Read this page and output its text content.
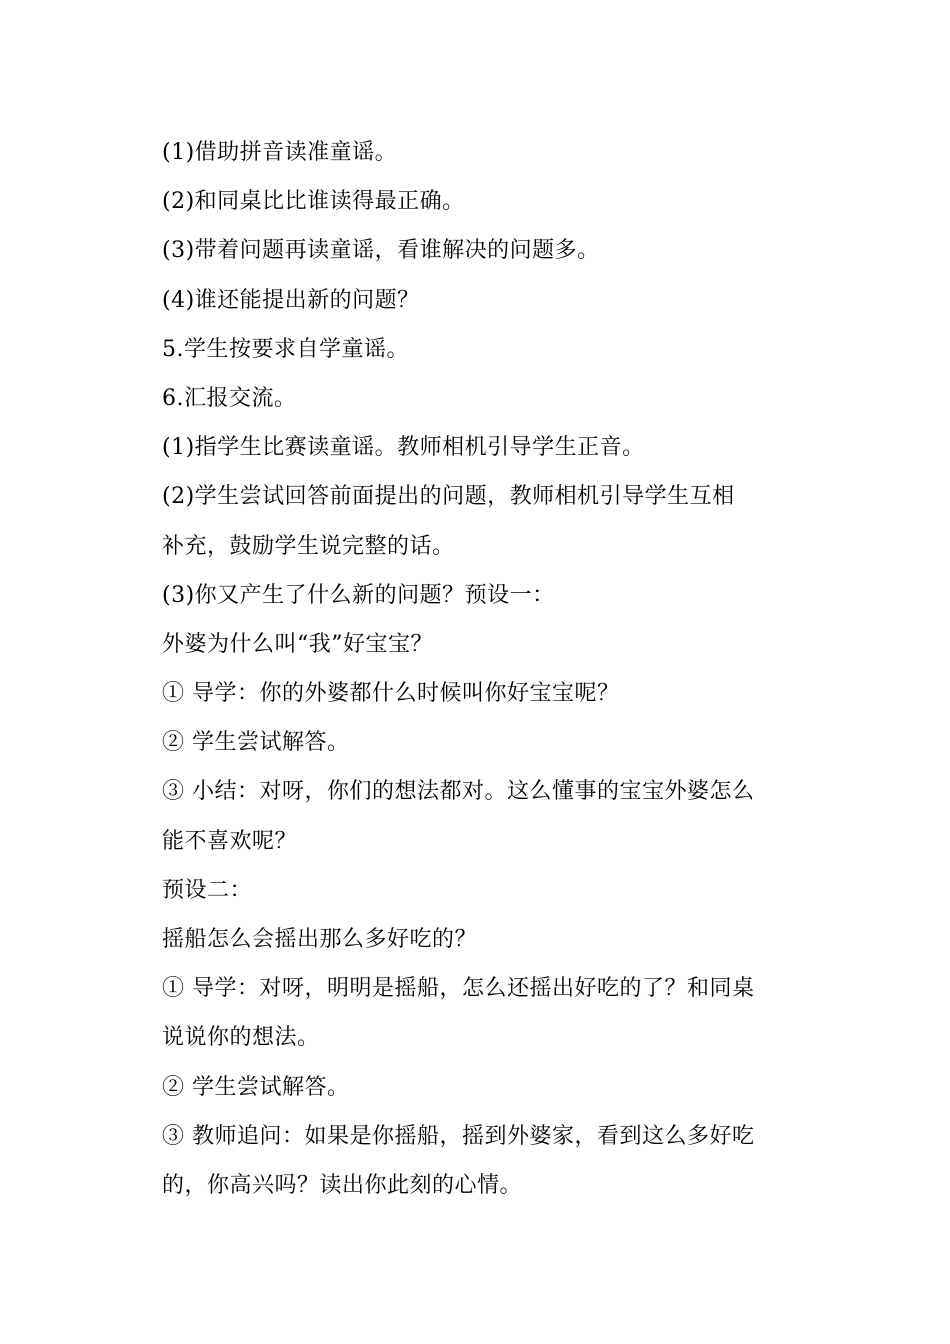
(1)借助拼音读准童谣。
(2)和同桌比比谁读得最正确。
(3)带着问题再读童谣，看谁解决的问题多。
(4)谁还能提出新的问题？
5.学生按要求自学童谣。
6.汇报交流。
(1)指学生比赛读童谣。教师相机引导学生正音。
(2)学生尝试回答前面提出的问题，教师相机引导学生互相
补充，鼓励学生说完整的话。
(3)你又产生了什么新的问题？预设一：
外婆为什么叫“我”好宝宝？
① 导学：你的外婆都什么时候叫你好宝宝呢？
② 学生尝试解答。
③ 小结：对呀，你们的想法都对。这么懂事的宝宝外婆怎么
能不喜欢呢？
预设二：
摇船怎么会摇出那么多好吃的？
① 导学：对呀，明明是摇船，怎么还摇出好吃的了？和同桌
说说你的想法。
② 学生尝试解答。
③ 教师追问：如果是你摇船，摇到外婆家，看到这么多好吃
的，你高兴吗？读出你此刻的心情。
